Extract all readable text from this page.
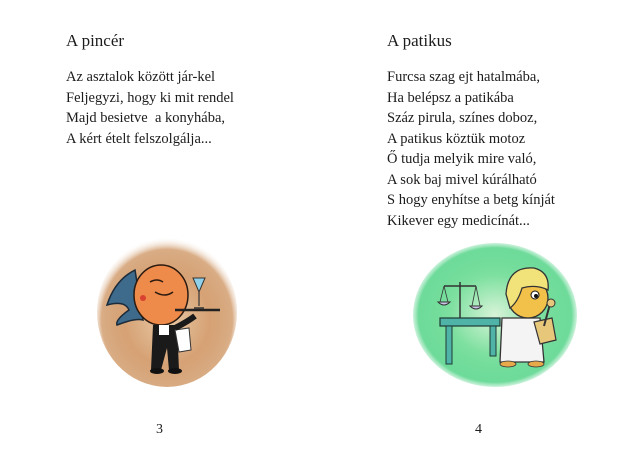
A pincér
Az asztalok között jár-kel
Feljegyzi, hogy ki mit rendel
Majd besietve  a konyhába,
A kért ételt felszolgálja...
3
A patikus
Furcsa szag ejt hatalmába,
Ha belépsz a patikába
Száz pirula, színes doboz,
A patikus köztük motoz
Ő tudja melyik mire való,
A sok baj mivel kúrálható
S hogy enyhítse a betg kínját
Kikever egy medicínát...
4
